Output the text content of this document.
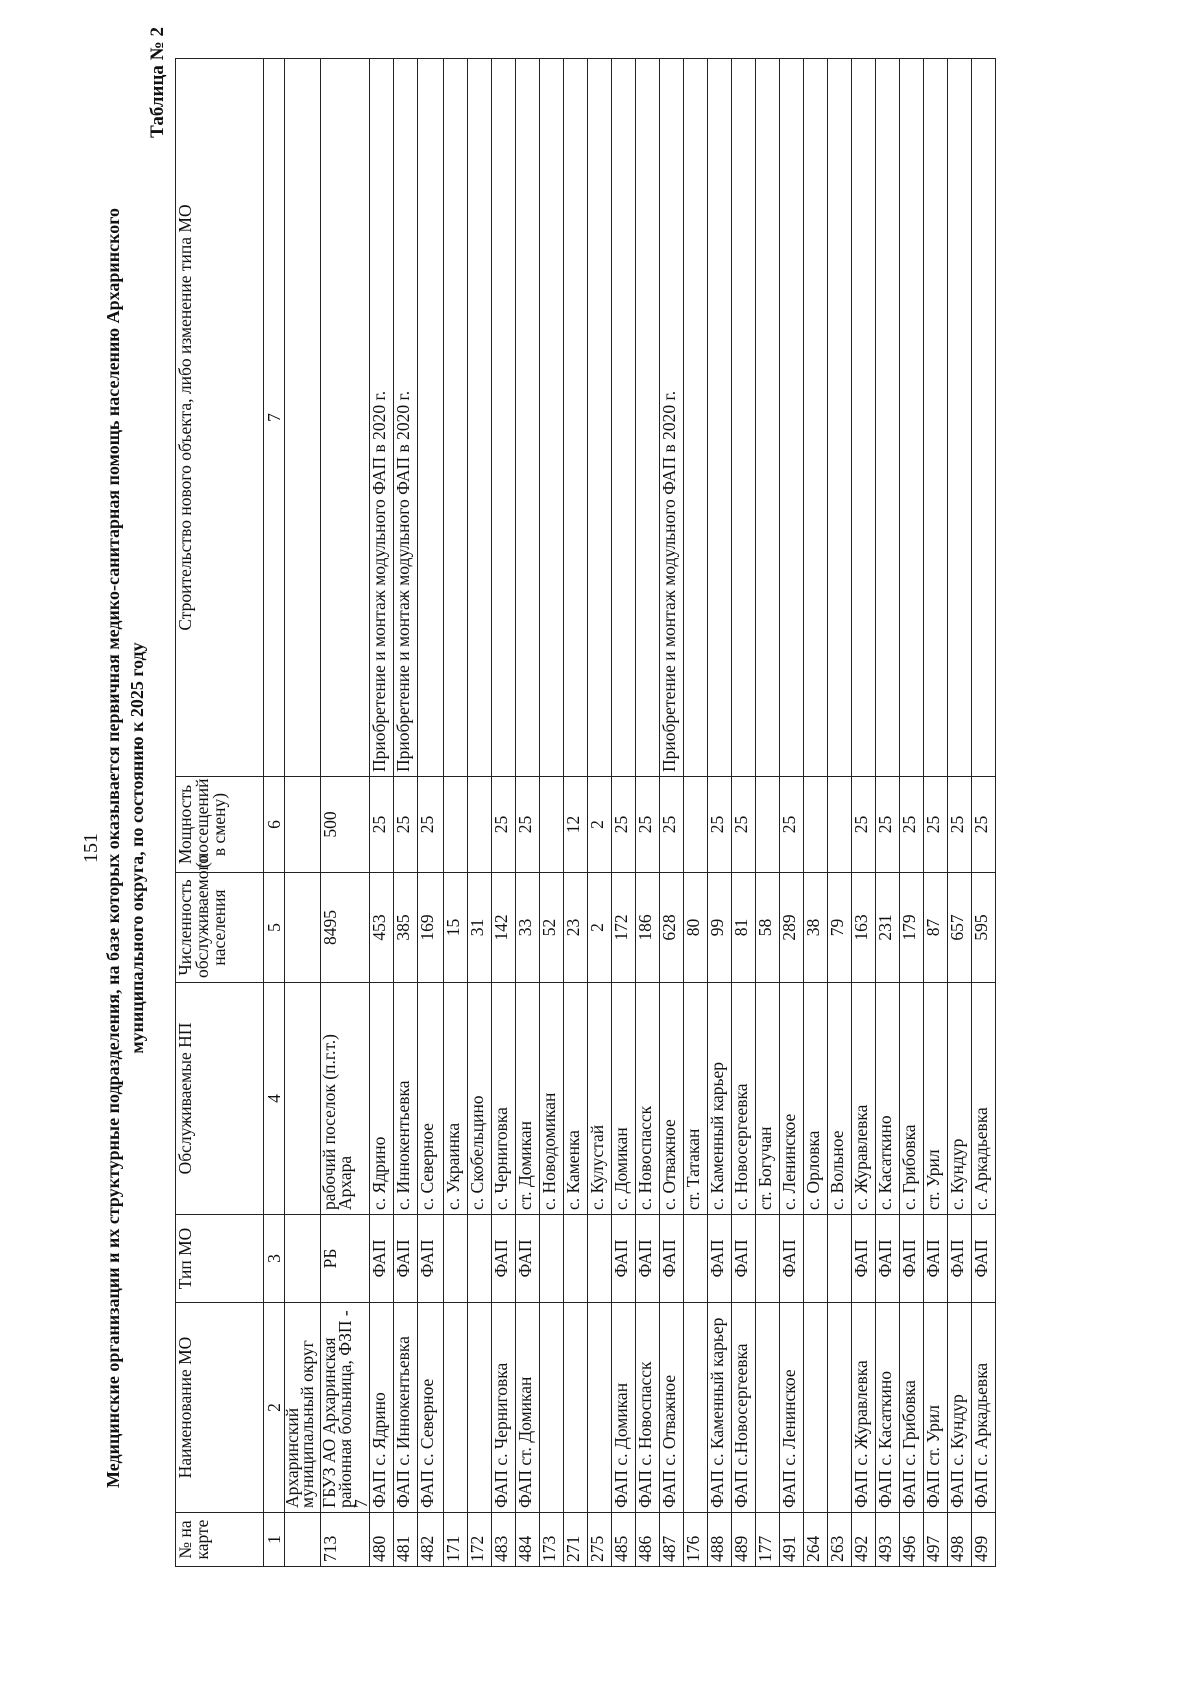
151 Медицинские организации и их структурные подразделения, на базе которых оказывается первичная медико-санитарная помощь населению Архаринского муниципального округа, по состоянию к 2025 году
Таблица № 2
№ на карте	Наименование МО	Тип МО	Обслуживаемые НП	Численность обслуживаемого населения	Мощность (посещений в смену)	Строительство нового объекта, либо изменение типа МО
1	2	3	4	5	6	7
	Архаринский муниципальный округ					
713	ГБУЗ АО Архаринская районная больница, ФЗП - 7	РБ	рабочий поселок (п.г.т.) Архара	8495	500	
480	ФАП с. Ядрино	ФАП	с. Ядрино	453	25	Приобретение и монтаж модульного ФАП в 2020 г.
481	ФАП с. Иннокентьевка	ФАП	с. Иннокентьевка	385	25	Приобретение и монтаж модульного ФАП в 2020 г.
482	ФАП с. Северное	ФАП	с. Северное	169	25	
171			с. Украинка	15		
172			с. Скобельцино	31		
483	ФАП с. Черниговка	ФАП	с. Черниговка	142	25	
484	ФАП ст. Домикан	ФАП	ст. Домикан	33	25	
173			с. Новодомикан	52		
271			с. Каменка	23	12	
275			с. Кулустай	2	2	
485	ФАП с. Домикан	ФАП	с. Домикан	172	25	
486	ФАП с. Новоспасск	ФАП	с. Новоспасск	186	25	
487	ФАП с. Отважное	ФАП	с. Отважное	628	25	Приобретение и монтаж модульного ФАП в 2020 г.
176			ст. Татакан	80		
488	ФАП с. Каменный карьер	ФАП	с. Каменный карьер	99	25	
489	ФАП с.Новосергеевка	ФАП	с. Новосергеевка	81	25	
177			ст. Богучан	58		
491	ФАП с. Ленинское	ФАП	с. Ленинское	289	25	
264			с. Орловка	38		
263			с. Вольное	79		
492	ФАП с. Журавлевка	ФАП	с. Журавлевка	163	25	
493	ФАП с. Касаткино	ФАП	с. Касаткино	231	25	
496	ФАП с. Грибовка	ФАП	с. Грибовка	179	25	
497	ФАП ст. Урил	ФАП	ст. Урил	87	25	
498	ФАП с. Кундур	ФАП	с. Кундур	657	25	
499	ФАП с. Аркадьевка	ФАП	с. Аркадьевка	595	25	
